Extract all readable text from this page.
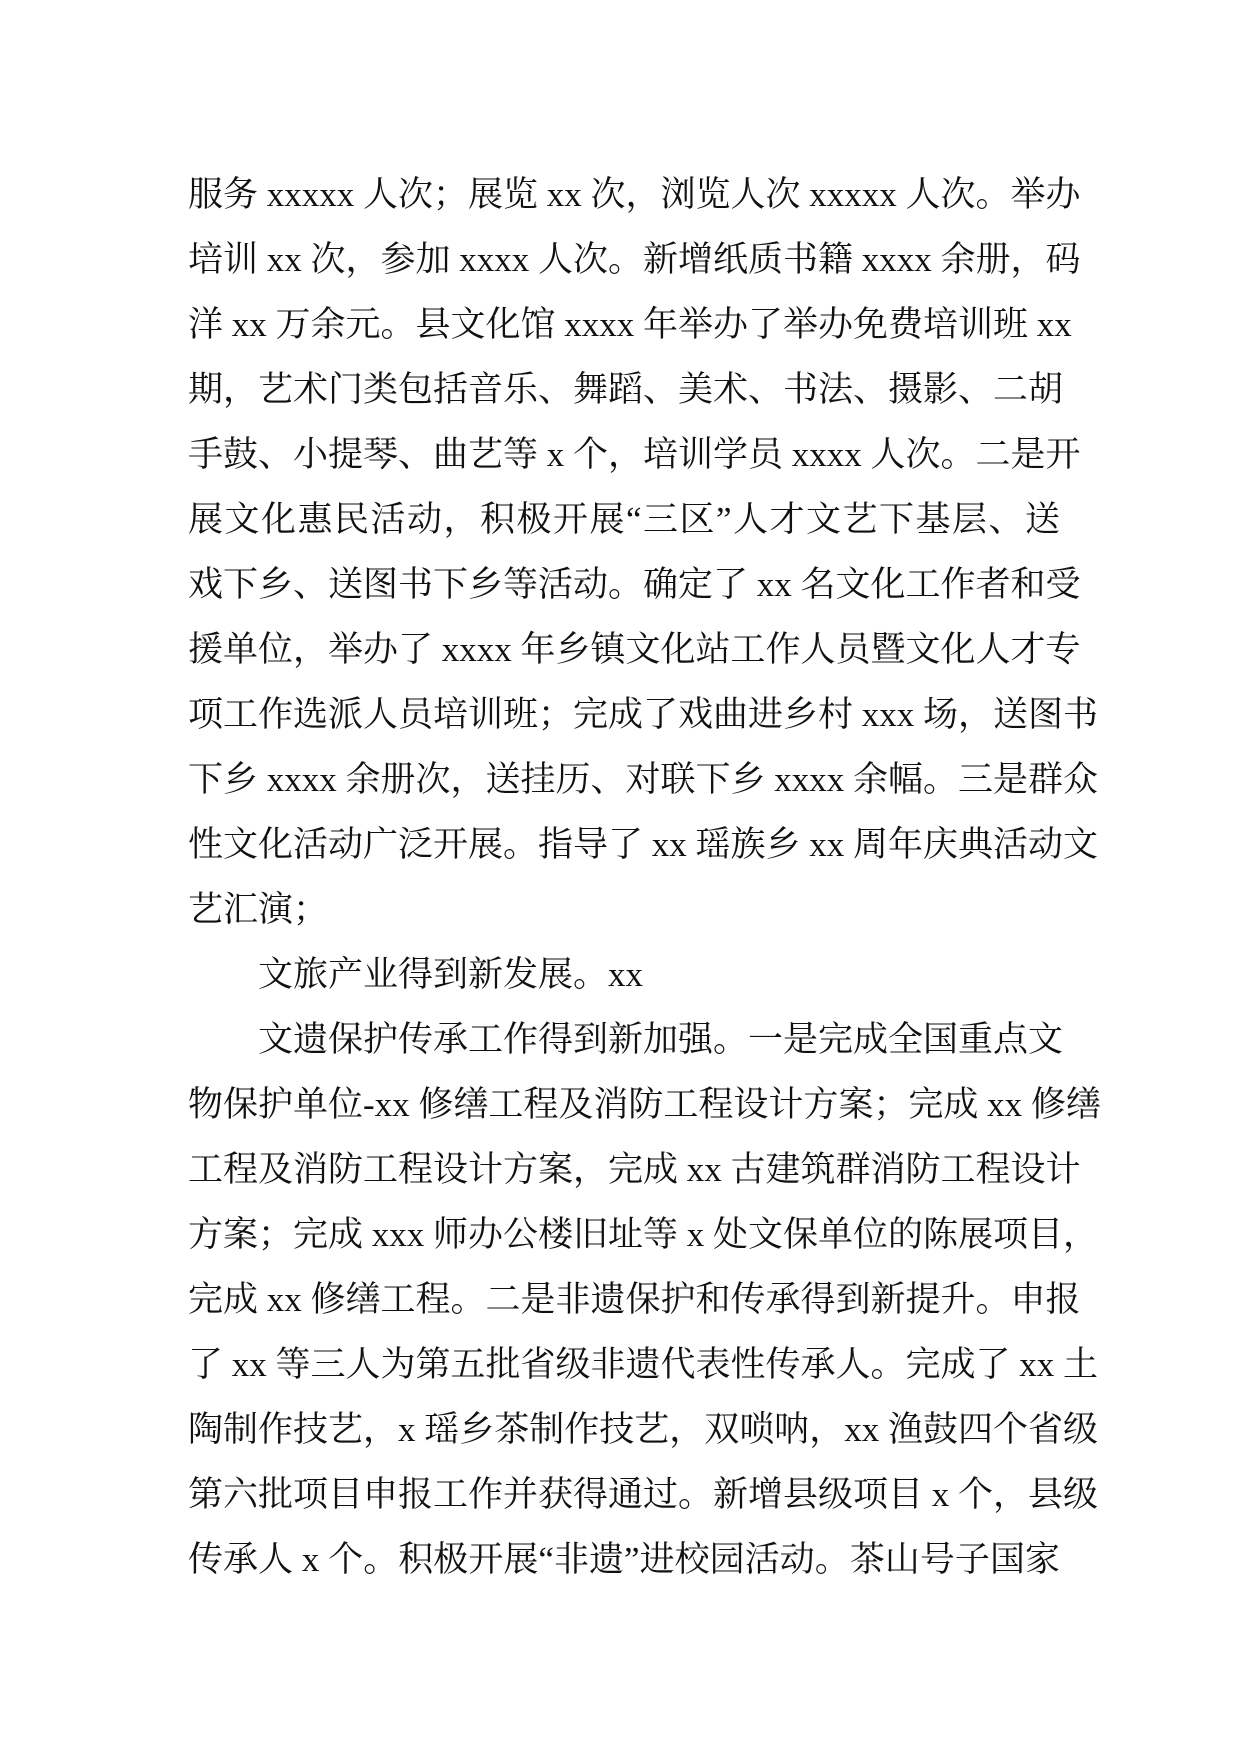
服务 xxxxx 人次；展览 xx 次，浏览人次 xxxxx 人次。举办
培训 xx 次，参加 xxxx 人次。新增纸质书籍 xxxx 余册，码
洋 xx 万余元。县文化馆 xxxx 年举办了举办免费培训班 xx
期，艺术门类包括音乐、舞蹈、美术、书法、摄影、二胡
手鼓、小提琴、曲艺等 x 个，培训学员 xxxx 人次。二是开
展文化惠民活动，积极开展“三区”人才文艺下基层、送
戏下乡、送图书下乡等活动。确定了 xx 名文化工作者和受
援单位，举办了 xxxx 年乡镇文化站工作人员暨文化人才专
项工作选派人员培训班；完成了戏曲进乡村 xxx 场，送图书
下乡 xxxx 余册次，送挂历、对联下乡 xxxx 余幅。三是群众
性文化活动广泛开展。指导了 xx 瑶族乡 xx 周年庆典活动文
艺汇演；
文旅产业得到新发展。xx
文遗保护传承工作得到新加强。一是完成全国重点文
物保护单位-xx 修缮工程及消防工程设计方案；完成 xx 修缮
工程及消防工程设计方案，完成 xx 古建筑群消防工程设计
方案；完成 xxx 师办公楼旧址等 x 处文保单位的陈展项目，
完成 xx 修缮工程。二是非遗保护和传承得到新提升。申报
了 xx 等三人为第五批省级非遗代表性传承人。完成了 xx 土
陶制作技艺，x 瑶乡茶制作技艺，双唢呐，xx 渔鼓四个省级
第六批项目申报工作并获得通过。新增县级项目 x 个，县级
传承人 x 个。积极开展“非遗”进校园活动。茶山号子国家
